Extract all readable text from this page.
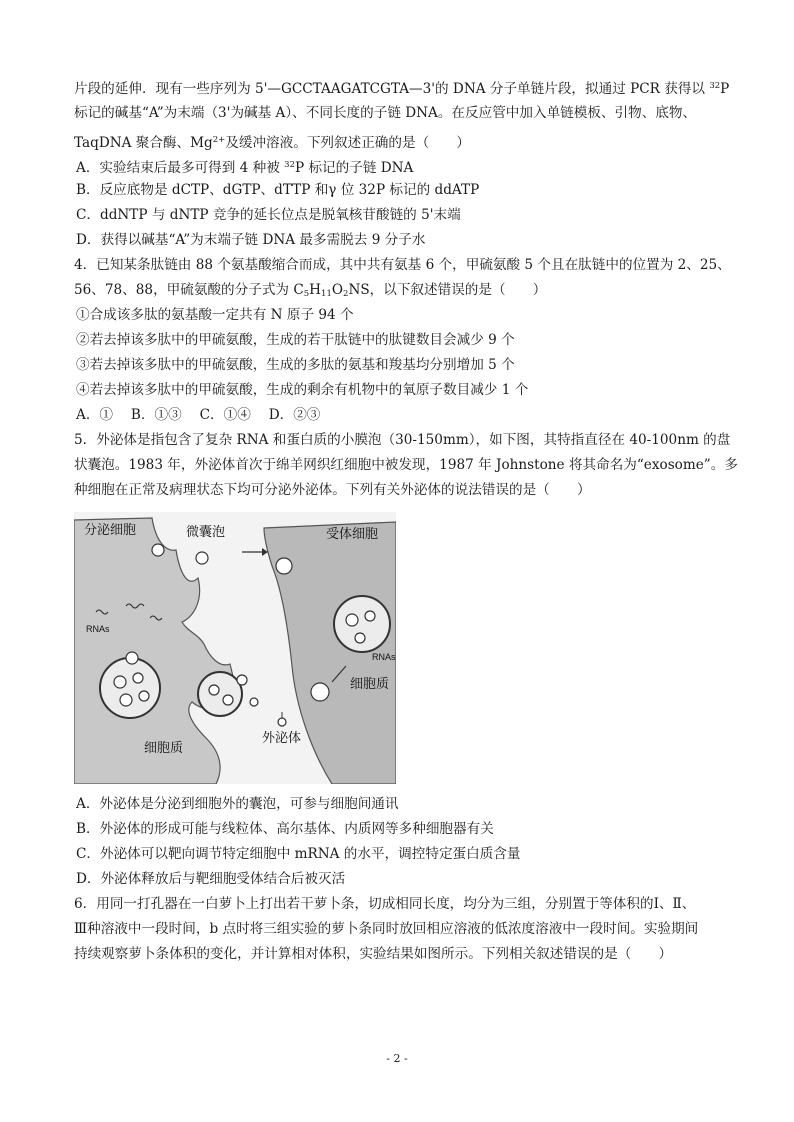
片段的延伸．现有一些序列为 5'—GCCTAAGATCGTA—3'的 DNA 分子单链片段，拟通过 PCR 获得以 $^{32}$P
标记的碱基“A”为末端（3'为碱基 A）、不同长度的子链 DNA。在反应管中加入单链模板、引物、底物、
TaqDNA 聚合酶、$Mg^{2+}$及缓冲溶液。下列叙述正确的是（　　）
A．实验结束后最多可得到 4 种被 $^{32}$P 标记的子链 DNA
B．反应底物是 dCTP、dGTP、dTTP 和γ 位 32P 标记的 ddATP
C．ddNTP 与 dNTP 竞争的延长位点是脱氧核苷酸链的 5'末端
D．获得以碱基“A”为末端子链 DNA 最多需脱去 9 分子水
4．已知某条肽链由 88 个氨基酸缩合而成，其中共有氨基 6 个，甲硫氨酸 5 个且在肽链中的位置为 2、25、
56、78、88，甲硫氨酸的分子式为 $C_5H_{11}O_2NS$，以下叙述错误的是（　　）
①合成该多肽的氨基酸一定共有 N 原子 94 个
②若去掉该多肽中的甲硫氨酸，生成的若干肽链中的肽键数目会减少 9 个
③若去掉该多肽中的甲硫氨酸，生成的多肽的氨基和羧基均分别增加 5 个
④若去掉该多肽中的甲硫氨酸，生成的剩余有机物中的氧原子数目减少 1 个
A．①　 B．①③　 C．①④　 D．②③
5．外泌体是指包含了复杂 RNA 和蛋白质的小膜泡（30-150mm），如下图，其特指直径在 40-100nm 的盘
状囊泡。1983 年，外泌体首次于绵羊网织红细胞中被发现，1987 年 Johnstone 将其命名为“exosome”。多
种细胞在正常及病理状态下均可分泌外泌体。下列有关外泌体的说法错误的是（　　）
分泌细胞	微囊泡	受体细胞
RNAs
RNAs
细胞质
细胞质
外泌体
A．外泌体是分泌到细胞外的囊泡，可参与细胞间通讯
B．外泌体的形成可能与线粒体、高尔基体、内质网等多种细胞器有关
C．外泌体可以靶向调节特定细胞中 mRNA 的水平，调控特定蛋白质含量
D．外泌体释放后与靶细胞受体结合后被灭活
6．用同一打孔器在一白萝卜上打出若干萝卜条，切成相同长度，均分为三组，分别置于等体积的Ⅰ、Ⅱ、
Ⅲ种溶液中一段时间，b 点时将三组实验的萝卜条同时放回相应溶液的低浓度溶液中一段时间。实验期间
持续观察萝卜条体积的变化，并计算相对体积，实验结果如图所示。下列相关叙述错误的是（　　）
- 2 -
